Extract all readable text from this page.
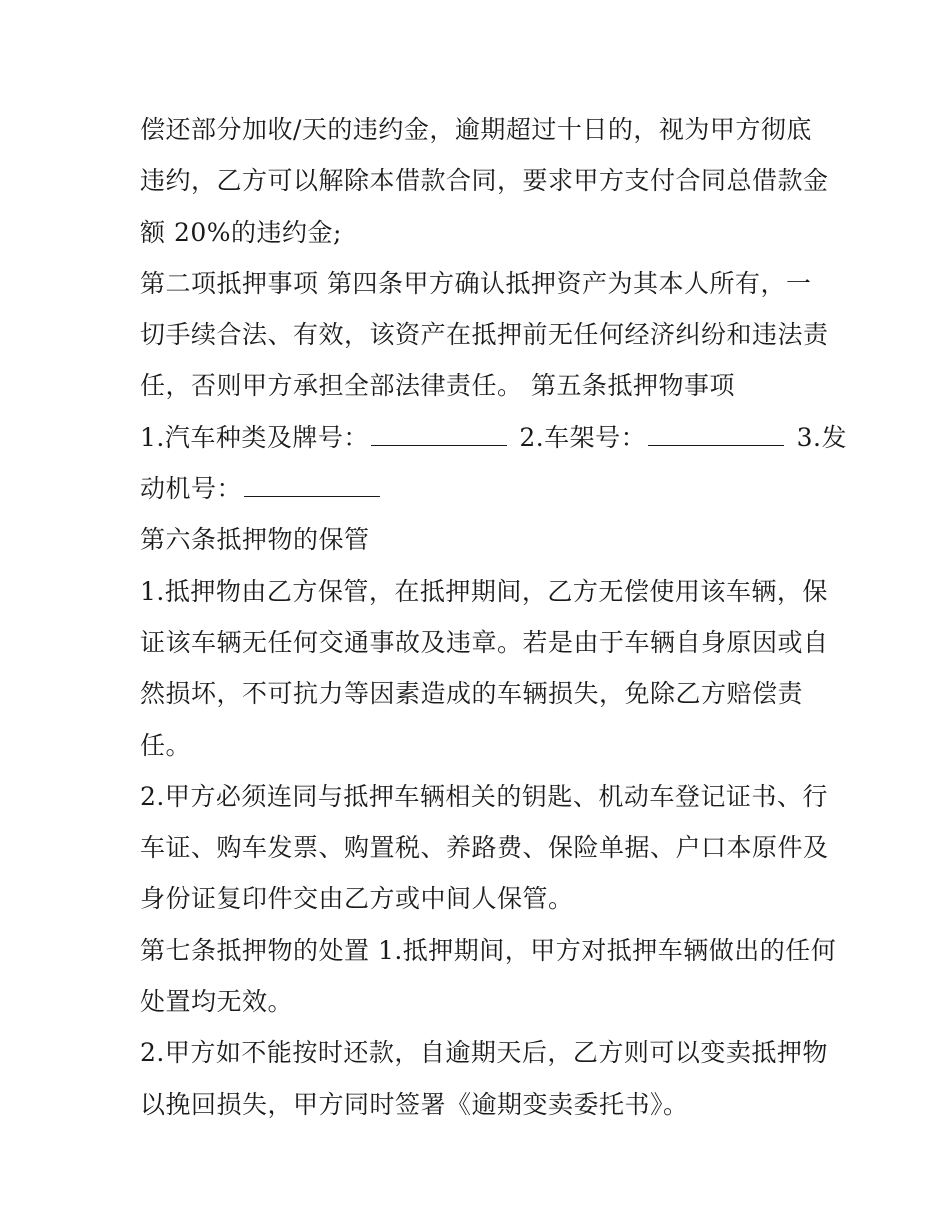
偿还部分加收/天的违约金，逾期超过十日的，视为甲方彻底
违约，乙方可以解除本借款合同，要求甲方支付合同总借款金
额 20%的违约金;
第二项抵押事项 第四条甲方确认抵押资产为其本人所有，一
切手续合法、有效，该资产在抵押前无任何经济纠纷和违法责
任，否则甲方承担全部法律责任。 第五条抵押物事项
1.汽车种类及牌号：	2.车架号：	3.发
动机号：
第六条抵押物的保管
1.抵押物由乙方保管，在抵押期间，乙方无偿使用该车辆，保
证该车辆无任何交通事故及违章。若是由于车辆自身原因或自
然损坏，不可抗力等因素造成的车辆损失，免除乙方赔偿责
任。
2.甲方必须连同与抵押车辆相关的钥匙、机动车登记证书、行
车证、购车发票、购置税、养路费、保险单据、户口本原件及
身份证复印件交由乙方或中间人保管。
第七条抵押物的处置 1.抵押期间，甲方对抵押车辆做出的任何
处置均无效。
2.甲方如不能按时还款，自逾期天后，乙方则可以变卖抵押物
以挽回损失，甲方同时签署《逾期变卖委托书》。
